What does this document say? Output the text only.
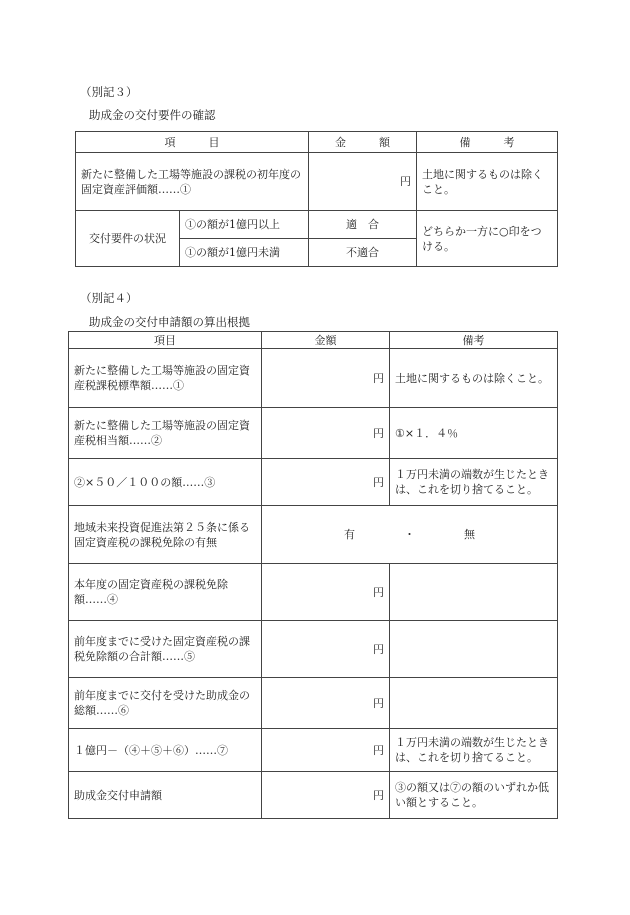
（別記３）
助成金の交付要件の確認
項　　　目		金　　　額	備　　　考
新たに整備した工場等施設の課税の初年度の固定資産評価額……①		円	土地に関するものは除くこと。
交付要件の状況	①の額が1億円以上	適　合	どちらか一方に○印をつける。
	①の額が1億円未満	不適合	
（別記４）
助成金の交付申請額の算出根拠
項目	金額	備考
新たに整備した工場等施設の固定資産税課税標準額……①	円	土地に関するものは除くこと。
新たに整備した工場等施設の固定資産税相当額……②	円	①×１．４％
②×５０／１００の額……③	円	１万円未満の端数が生じたときは、これを切り捨てること。
地域未来投資促進法第２５条に係る固定資産税の課税免除の有無	有 ・ 無	
本年度の固定資産税の課税免除額……④	円	
前年度までに受けた固定資産税の課税免除額の合計額……⑤	円	
前年度までに交付を受けた助成金の総額……⑥	円	
１億円－（④＋⑤＋⑥）……⑦	円	１万円未満の端数が生じたときは、これを切り捨てること。
助成金交付申請額	円	③の額又は⑦の額のいずれか低い額とすること。
